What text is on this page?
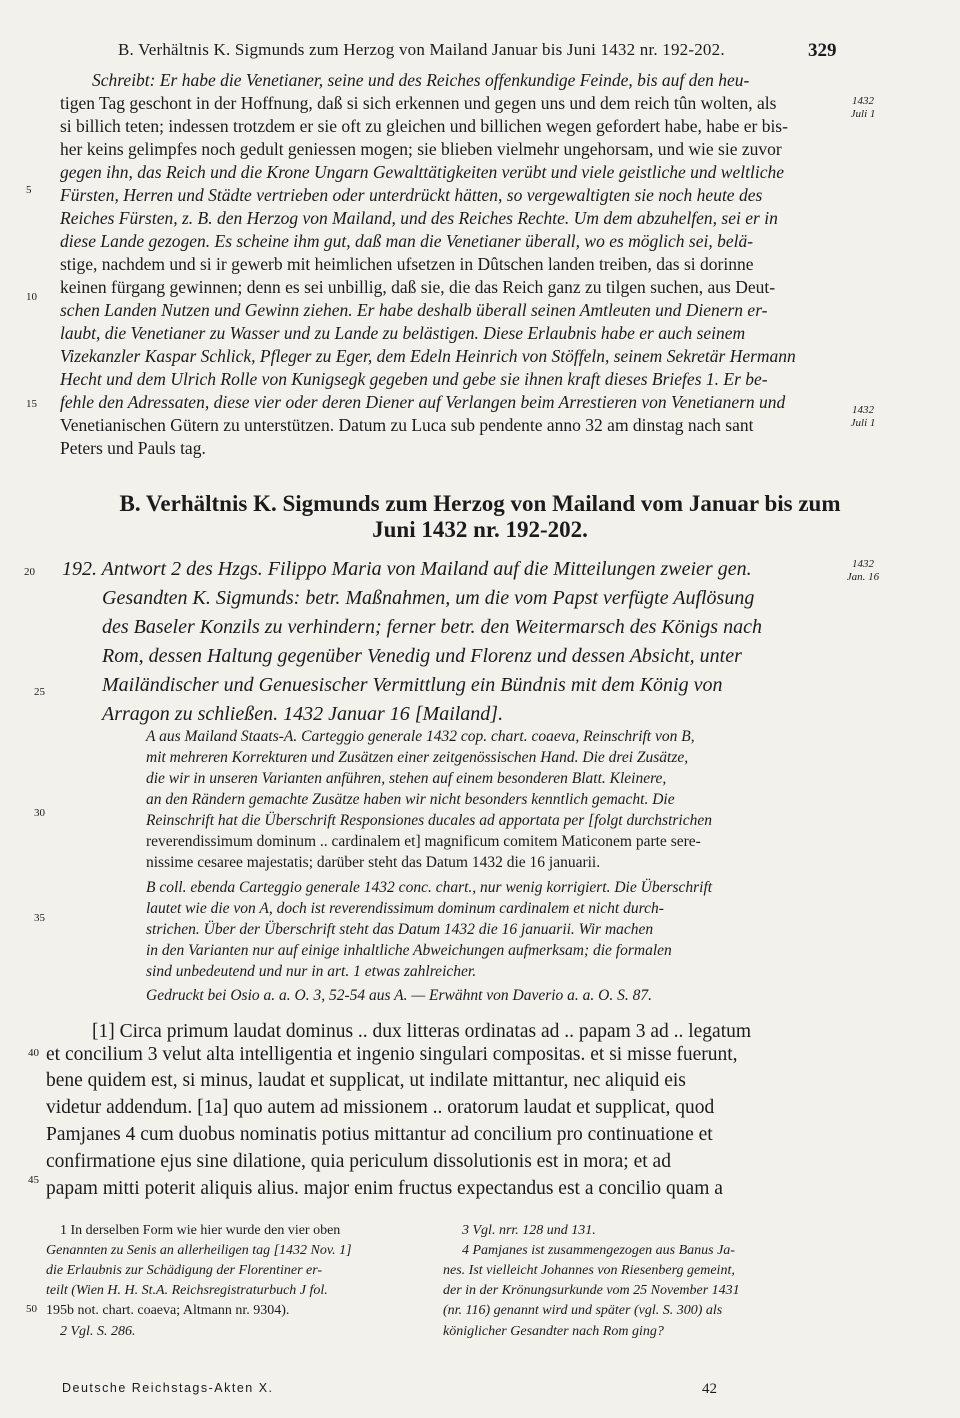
B. Verhältnis K. Sigmunds zum Herzog von Mailand Januar bis Juni 1432 nr. 192-202.	329
Schreibt: Er habe die Venetianer, seine und des Reiches offenkundige Feinde, bis auf den heu-
tigen Tag geschont in der Hoffnung, daß si sich erkennen und gegen uns und dem reich tûn wolten, als
si billich teten; indessen trotzdem er sie oft zu gleichen und billichen wegen gefordert habe, habe er bis-
her keins gelimpfes noch gedult geniessen mogen; sie blieben vielmehr ungehorsam, und wie sie zuvor
gegen ihn, das Reich und die Krone Ungarn Gewalttätigkeiten verübt und viele geistliche und weltliche
Fürsten, Herren und Städte vertrieben oder unterdrückt hätten, so vergewaltigten sie noch heute des
Reiches Fürsten, z. B. den Herzog von Mailand, und des Reiches Rechte. Um dem abzuhelfen, sei er in
diese Lande gezogen. Es scheine ihm gut, daß man die Venetianer überall, wo es möglich sei, belä-
stige, nachdem und si ir gewerb mit heimlichen ufsetzen in Dûtschen landen treiben, das si dorinne
keinen fürgang gewinnen; denn es sei unbillig, daß sie, die das Reich ganz zu tilgen suchen, aus Deut-
schen Landen Nutzen und Gewinn ziehen. Er habe deshalb überall seinen Amtleuten und Dienern er-
laubt, die Venetianer zu Wasser und zu Lande zu belästigen. Diese Erlaubnis habe er auch seinem
Vizekanzler Kaspar Schlick, Pfleger zu Eger, dem Edeln Heinrich von Stöffeln, seinem Sekretär Hermann
Hecht und dem Ulrich Rolle von Kunigsegk gegeben und gebe sie ihnen kraft dieses Briefes 1. Er be-
fehle den Adressaten, diese vier oder deren Diener auf Verlangen beim Arrestieren von Venetianern und
Venetianischen Gütern zu unterstützen. Datum zu Luca sub pendente anno 32 am dinstag nach sant
Peters und Pauls tag.
5
10
15
1432
Juli 1
1432
Juli 1
B. Verhältnis K. Sigmunds zum Herzog von Mailand vom Januar bis zum
Juni 1432 nr. 192-202.
192. Antwort 2 des Hzgs. Filippo Maria von Mailand auf die Mitteilungen zweier gen.
Gesandten K. Sigmunds: betr. Maßnahmen, um die vom Papst verfügte Auflösung
des Baseler Konzils zu verhindern; ferner betr. den Weitermarsch des Königs nach
Rom, dessen Haltung gegenüber Venedig und Florenz und dessen Absicht, unter
Mailändischer und Genuesischer Vermittlung ein Bündnis mit dem König von
Arragon zu schließen. 1432 Januar 16 [Mailand].
20
25
1432
Jan. 16
A aus Mailand Staats-A. Carteggio generale 1432 cop. chart. coaeva, Reinschrift von B,
mit mehreren Korrekturen und Zusätzen einer zeitgenössischen Hand. Die drei Zusätze,
die wir in unseren Varianten anführen, stehen auf einem besonderen Blatt. Kleinere,
an den Rändern gemachte Zusätze haben wir nicht besonders kenntlich gemacht. Die
Reinschrift hat die Überschrift Responsiones ducales ad apportata per [folgt durchstrichen
reverendissimum dominum .. cardinalem et] magnificum comitem Maticonem parte sere-
nissime cesaree majestatis; darüber steht das Datum 1432 die 16 januarii.
B coll. ebenda Carteggio generale 1432 conc. chart., nur wenig korrigiert. Die Überschrift
lautet wie die von A, doch ist reverendissimum dominum cardinalem et nicht durch-
strichen. Über der Überschrift steht das Datum 1432 die 16 januarii. Wir machen
in den Varianten nur auf einige inhaltliche Abweichungen aufmerksam; die formalen
sind unbedeutend und nur in art. 1 etwas zahlreicher.
Gedruckt bei Osio a. a. O. 3, 52-54 aus A. — Erwähnt von Daverio a. a. O. S. 87.
30
35
[1] Circa primum laudat dominus .. dux litteras ordinatas ad .. papam 3 ad .. legatum
et concilium 3 velut alta intelligentia et ingenio singulari compositas. et si misse fuerunt,
bene quidem est, si minus, laudat et supplicat, ut indilate mittantur, nec aliquid eis
videtur addendum. [1a] quo autem ad missionem .. oratorum laudat et supplicat, quod
Pamjanes 4 cum duobus nominatis potius mittantur ad concilium pro continuatione et
confirmatione ejus sine dilatione, quia periculum dissolutionis est in mora; et ad
papam mitti poterit aliquis alius. major enim fructus expectandus est a concilio quam a
40
45
1 In derselben Form wie hier wurde den vier oben
Genannten zu Senis an allerheiligen tag [1432 Nov. 1]
die Erlaubnis zur Schädigung der Florentiner er-
teilt (Wien H. H. St.A. Reichsregistraturbuch J fol.
195b not. chart. coaeva; Altmann nr. 9304).
2 Vgl. S. 286.
3 Vgl. nrr. 128 und 131.
4 Pamjanes ist zusammengezogen aus Banus Ja-
nes. Ist vielleicht Johannes von Riesenberg gemeint,
der in der Krönungsurkunde vom 25 November 1431
(nr. 116) genannt wird und später (vgl. S. 300) als
königlicher Gesandter nach Rom ging?
50
Deutsche Reichstags-Akten X.	42
